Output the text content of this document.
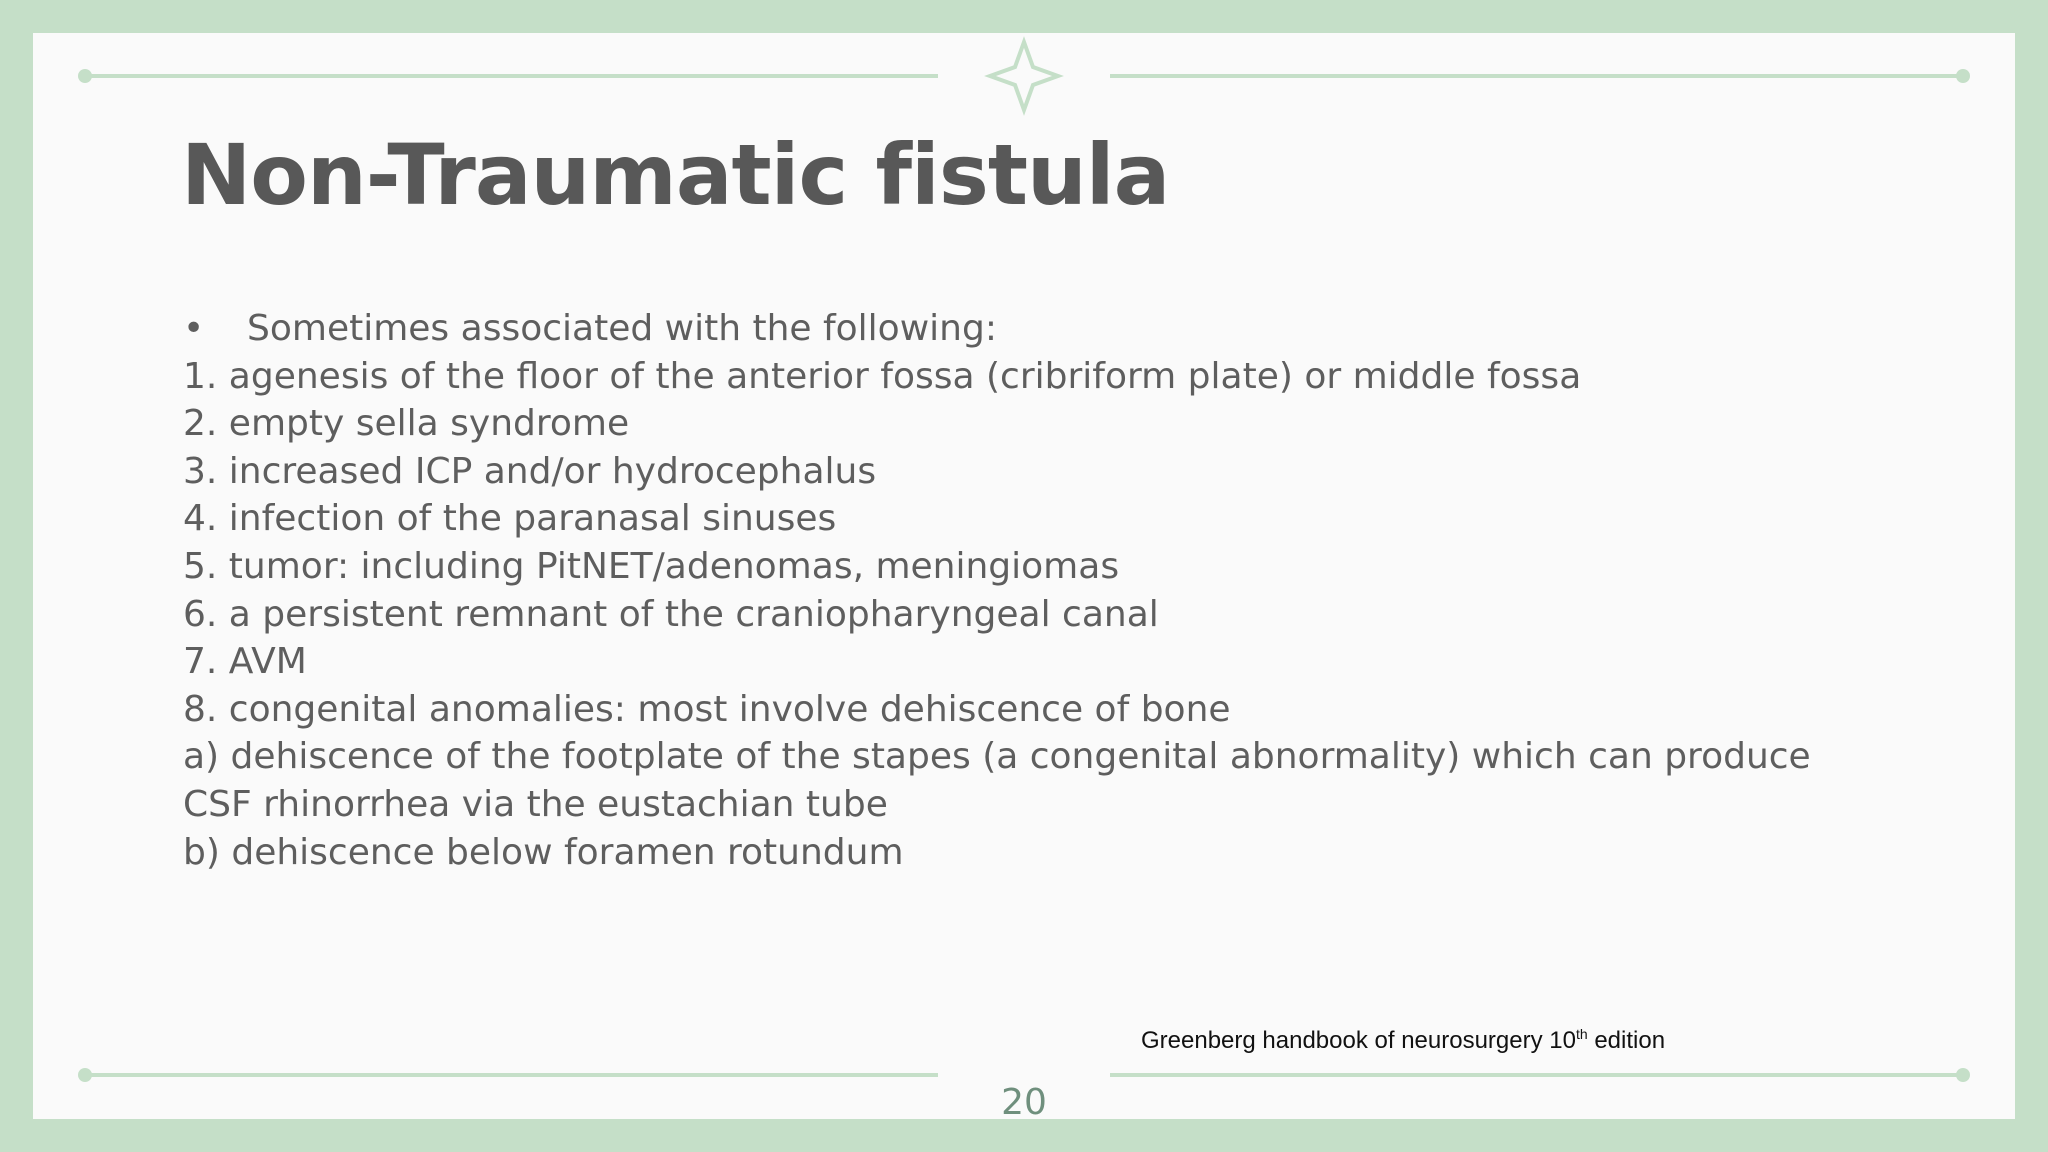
Non-Traumatic fistula
• Sometimes associated with the following:
1. agenesis of the floor of the anterior fossa (cribriform plate) or middle fossa
2. empty sella syndrome
3. increased ICP and/or hydrocephalus
4. infection of the paranasal sinuses
5. tumor: including PitNET/adenomas, meningiomas
6. a persistent remnant of the craniopharyngeal canal
7. AVM
8. congenital anomalies: most involve dehiscence of bone
a) dehiscence of the footplate of the stapes (a congenital abnormality) which can produce
CSF rhinorrhea via the eustachian tube
b) dehiscence below foramen rotundum
Greenberg handbook of neurosurgery 10th edition
20
